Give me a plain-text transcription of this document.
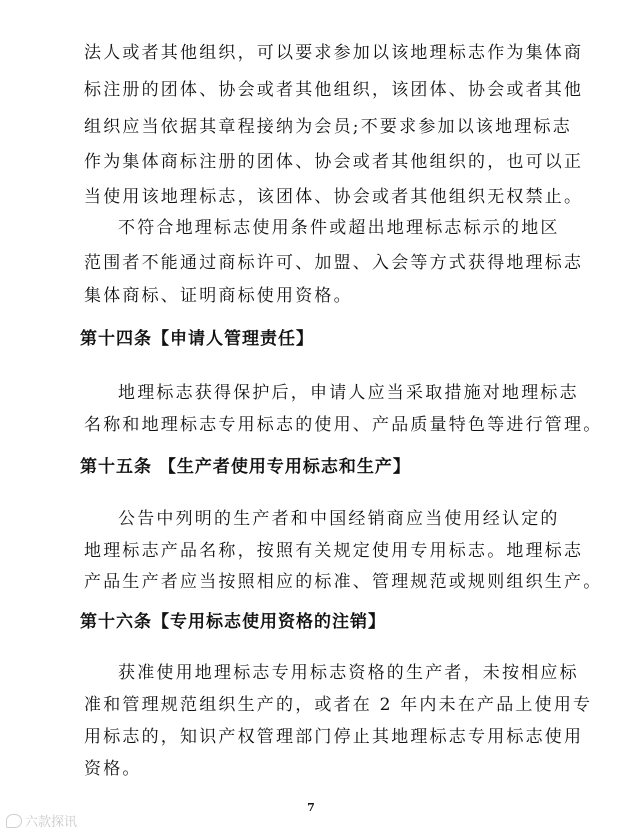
法人或者其他组织，可以要求参加以该地理标志作为集体商
标注册的团体、协会或者其他组织，该团体、协会或者其他
组织应当依据其章程接纳为会员;不要求参加以该地理标志
作为集体商标注册的团体、协会或者其他组织的，也可以正
当使用该地理标志，该团体、协会或者其他组织无权禁止。
不符合地理标志使用条件或超出地理标志标示的地区
范围者不能通过商标许可、加盟、入会等方式获得地理标志
集体商标、证明商标使用资格。
第十四条【申请人管理责任】
地理标志获得保护后，申请人应当采取措施对地理标志
名称和地理标志专用标志的使用、产品质量特色等进行管理。
第十五条 【生产者使用专用标志和生产】
公告中列明的生产者和中国经销商应当使用经认定的
地理标志产品名称，按照有关规定使用专用标志。地理标志
产品生产者应当按照相应的标准、管理规范或规则组织生产。
第十六条【专用标志使用资格的注销】
获准使用地理标志专用标志资格的生产者，未按相应标
准和管理规范组织生产的，或者在 2 年内未在产品上使用专
用标志的，知识产权管理部门停止其地理标志专用标志使用
资格。
7
六款探讯
